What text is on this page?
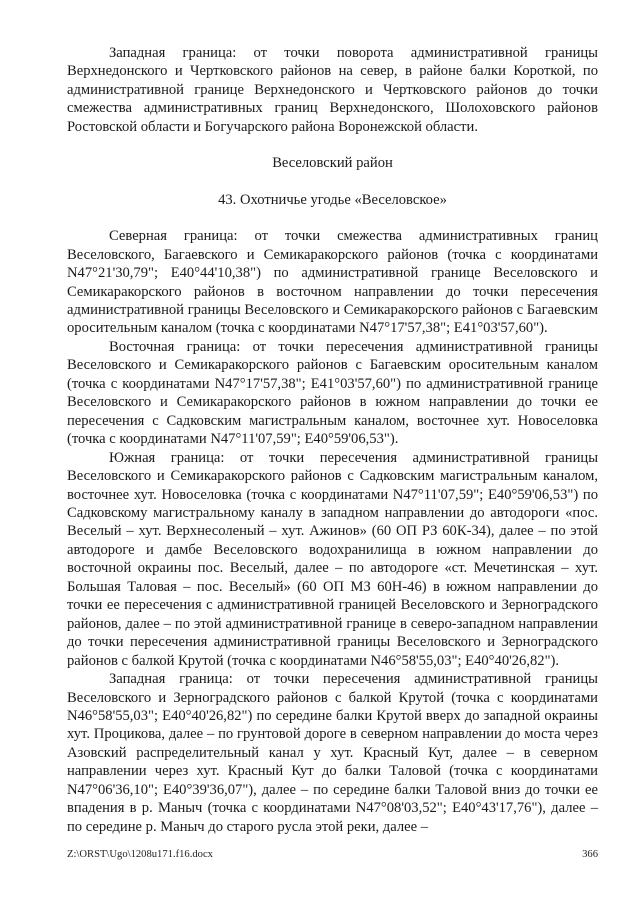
Западная граница: от точки поворота административной границы Верхнедонского и Чертковского районов на север, в районе балки Короткой, по административной границе Верхнедонского и Чертковского районов до точки смежества административных границ Верхнедонского, Шолоховского районов Ростовской области и Богучарского района Воронежской области.

Веселовский район

43. Охотничье угодье «Веселовское»

Северная граница: от точки смежества административных границ Веселовского, Багаевского и Семикаракорского районов (точка с координатами N47°21'30,79"; E40°44'10,38") по административной границе Веселовского и Семикаракорского районов в восточном направлении до точки пересечения административной границы Веселовского и Семикаракорского районов с Багаевским оросительным каналом (точка с координатами N47°17'57,38"; E41°03'57,60").

Восточная граница: от точки пересечения административной границы Веселовского и Семикаракорского районов с Багаевским оросительным каналом (точка с координатами N47°17'57,38"; E41°03'57,60") по административной границе Веселовского и Семикаракорского районов в южном направлении до точки ее пересечения с Садковским магистральным каналом, восточнее хут. Новоселовка (точка с координатами N47°11'07,59"; E40°59'06,53").

Южная граница: от точки пересечения административной границы Веселовского и Семикаракорского районов с Садковским магистральным каналом, восточнее хут. Новоселовка (точка с координатами N47°11'07,59"; E40°59'06,53") по Садковскому магистральному каналу в западном направлении до автодороги «пос. Веселый – хут. Верхнесоленый – хут. Ажинов» (60 ОП РЗ 60К-34), далее – по этой автодороге и дамбе Веселовского водохранилища в южном направлении до восточной окраины пос. Веселый, далее – по автодороге «ст. Мечетинская – хут. Большая Таловая – пос. Веселый» (60 ОП МЗ 60Н-46) в южном направлении до точки ее пересечения с административной границей Веселовского и Зерноградского районов, далее – по этой административной границе в северо-западном направлении до точки пересечения административной границы Веселовского и Зерноградского районов с балкой Крутой (точка с координатами N46°58'55,03"; E40°40'26,82").

Западная граница: от точки пересечения административной границы Веселовского и Зерноградского районов с балкой Крутой (точка с координатами N46°58'55,03"; E40°40'26,82") по середине балки Крутой вверх до западной окраины хут. Процикова, далее – по грунтовой дороге в северном направлении до моста через Азовский распределительный канал у хут. Красный Кут, далее – в северном направлении через хут. Красный Кут до балки Таловой (точка с координатами N47°06'36,10"; E40°39'36,07"), далее – по середине балки Таловой вниз до точки ее впадения в р. Маныч (точка с координатами N47°08'03,52"; E40°43'17,76"), далее – по середине р. Маныч до старого русла этой реки, далее –

Z:\ORST\Ugo\1208u171.f16.docx	366
